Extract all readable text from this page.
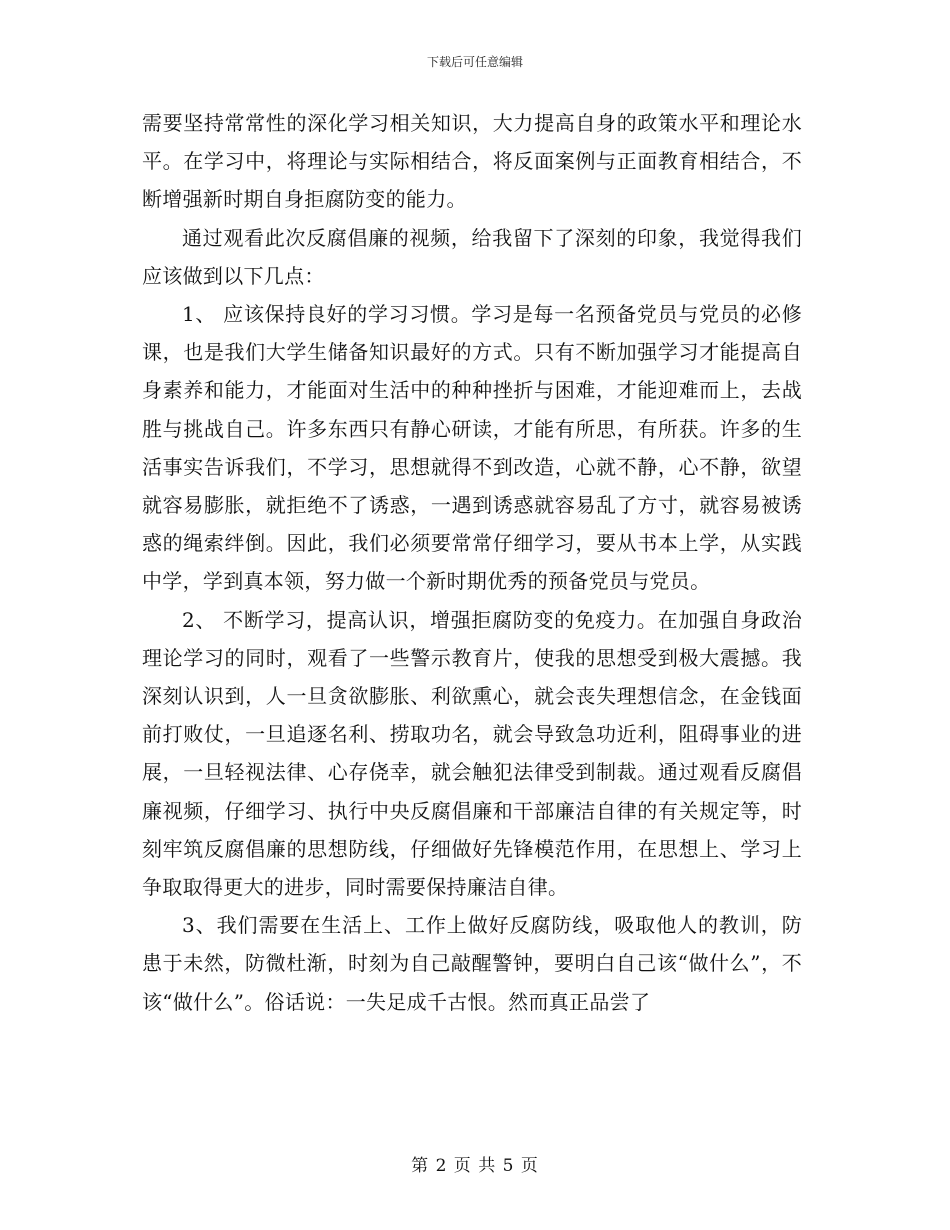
下载后可任意编辑

需要坚持常常性的深化学习相关知识，大力提高自身的政策水平和理论水平。在学习中，将理论与实际相结合，将反面案例与正面教育相结合，不断增强新时期自身拒腐防变的能力。

通过观看此次反腐倡廉的视频，给我留下了深刻的印象，我觉得我们应该做到以下几点：

1、 应该保持良好的学习习惯。学习是每一名预备党员与党员的必修课，也是我们大学生储备知识最好的方式。只有不断加强学习才能提高自身素养和能力，才能面对生活中的种种挫折与困难，才能迎难而上，去战胜与挑战自己。许多东西只有静心研读，才能有所思，有所获。许多的生活事实告诉我们，不学习，思想就得不到改造，心就不静，心不静，欲望就容易膨胀，就拒绝不了诱惑，一遇到诱惑就容易乱了方寸，就容易被诱惑的绳索绊倒。因此，我们必须要常常仔细学习，要从书本上学，从实践中学，学到真本领，努力做一个新时期优秀的预备党员与党员。

2、 不断学习，提高认识，增强拒腐防变的免疫力。在加强自身政治理论学习的同时，观看了一些警示教育片，使我的思想受到极大震撼。我深刻认识到，人一旦贪欲膨胀、利欲熏心，就会丧失理想信念，在金钱面前打败仗，一旦追逐名利、捞取功名，就会导致急功近利，阻碍事业的进展，一旦轻视法律、心存侥幸，就会触犯法律受到制裁。通过观看反腐倡廉视频，仔细学习、执行中央反腐倡廉和干部廉洁自律的有关规定等，时刻牢筑反腐倡廉的思想防线，仔细做好先锋模范作用，在思想上、学习上争取取得更大的进步，同时需要保持廉洁自律。

3、我们需要在生活上、工作上做好反腐防线，吸取他人的教训，防患于未然，防微杜渐，时刻为自己敲醒警钟，要明白自己该“做什么”，不该“做什么”。俗话说：一失足成千古恨。然而真正品尝了

第 2 页 共 5 页
